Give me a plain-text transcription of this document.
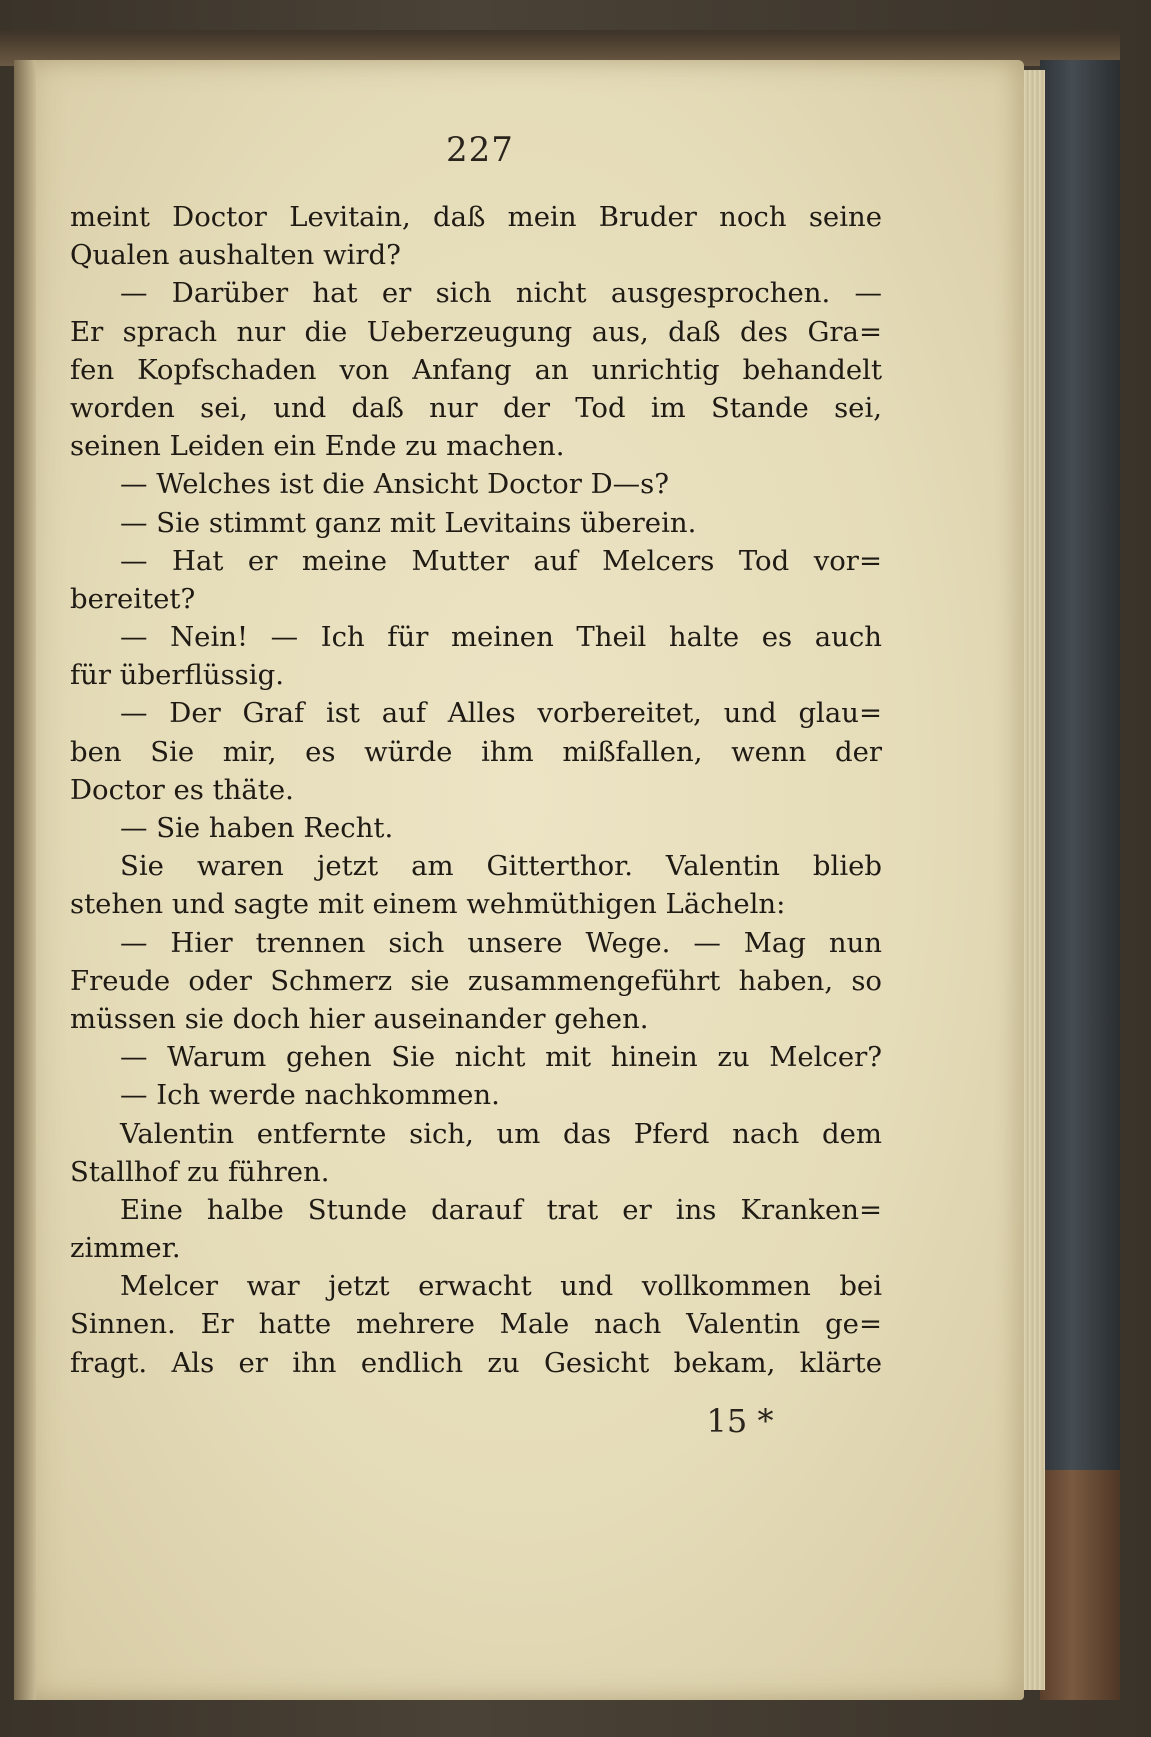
227
meint Doctor Levitain, daß mein Bruder noch seine
Qualen aushalten wird?
— Darüber hat er sich nicht ausgesprochen. —
Er sprach nur die Ueberzeugung aus, daß des Gra=
fen Kopfschaden von Anfang an unrichtig behandelt
worden sei, und daß nur der Tod im Stande sei,
seinen Leiden ein Ende zu machen.
— Welches ist die Ansicht Doctor D—s?
— Sie stimmt ganz mit Levitains überein.
— Hat er meine Mutter auf Melcers Tod vor=
bereitet?
— Nein! — Ich für meinen Theil halte es auch
für überflüssig.
— Der Graf ist auf Alles vorbereitet, und glau=
ben Sie mir, es würde ihm mißfallen, wenn der
Doctor es thäte.
— Sie haben Recht.
Sie waren jetzt am Gitterthor. Valentin blieb
stehen und sagte mit einem wehmüthigen Lächeln:
— Hier trennen sich unsere Wege. — Mag nun
Freude oder Schmerz sie zusammengeführt haben, so
müssen sie doch hier auseinander gehen.
— Warum gehen Sie nicht mit hinein zu Melcer?
— Ich werde nachkommen.
Valentin entfernte sich, um das Pferd nach dem
Stallhof zu führen.
Eine halbe Stunde darauf trat er ins Kranken=
zimmer.
Melcer war jetzt erwacht und vollkommen bei
Sinnen. Er hatte mehrere Male nach Valentin ge=
fragt. Als er ihn endlich zu Gesicht bekam, klärte
15 *
